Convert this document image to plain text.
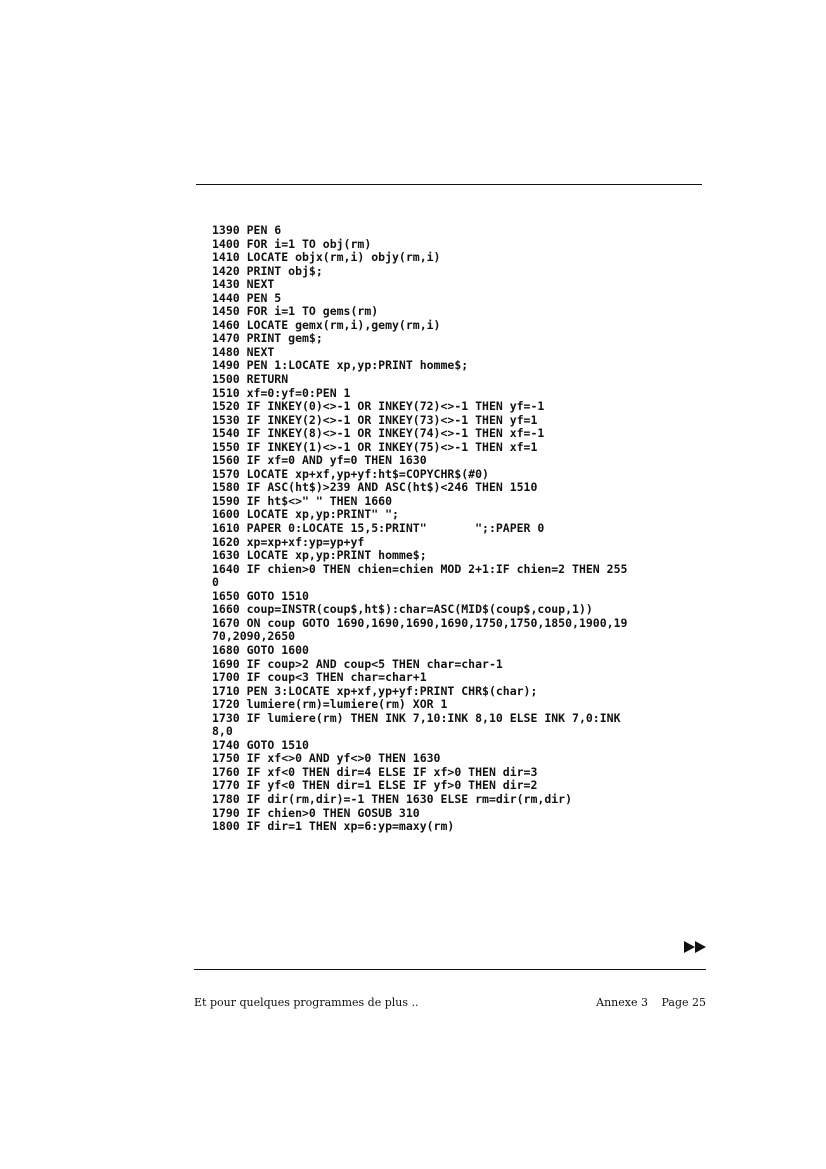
1390 PEN 6
1400 FOR i=1 TO obj(rm)
1410 LOCATE objx(rm,i) objy(rm,i)
1420 PRINT obj$;
1430 NEXT
1440 PEN 5
1450 FOR i=1 TO gems(rm)
1460 LOCATE gemx(rm,i),gemy(rm,i)
1470 PRINT gem$;
1480 NEXT
1490 PEN 1:LOCATE xp,yp:PRINT homme$;
1500 RETURN
1510 xf=0:yf=0:PEN 1
1520 IF INKEY(0)<>-1 OR INKEY(72)<>-1 THEN yf=-1
1530 IF INKEY(2)<>-1 OR INKEY(73)<>-1 THEN yf=1
1540 IF INKEY(8)<>-1 OR INKEY(74)<>-1 THEN xf=-1
1550 IF INKEY(1)<>-1 OR INKEY(75)<>-1 THEN xf=1
1560 IF xf=0 AND yf=0 THEN 1630
1570 LOCATE xp+xf,yp+yf:ht$=COPYCHR$(#0)
1580 IF ASC(ht$)>239 AND ASC(ht$)<246 THEN 1510
1590 IF ht$<>" " THEN 1660
1600 LOCATE xp,yp:PRINT" ";
1610 PAPER 0:LOCATE 15,5:PRINT"       ";:PAPER 0
1620 xp=xp+xf:yp=yp+yf
1630 LOCATE xp,yp:PRINT homme$;
1640 IF chien>0 THEN chien=chien MOD 2+1:IF chien=2 THEN 255
0
1650 GOTO 1510
1660 coup=INSTR(coup$,ht$):char=ASC(MID$(coup$,coup,1))
1670 ON coup GOTO 1690,1690,1690,1690,1750,1750,1850,1900,19
70,2090,2650
1680 GOTO 1600
1690 IF coup>2 AND coup<5 THEN char=char-1
1700 IF coup<3 THEN char=char+1
1710 PEN 3:LOCATE xp+xf,yp+yf:PRINT CHR$(char);
1720 lumiere(rm)=lumiere(rm) XOR 1
1730 IF lumiere(rm) THEN INK 7,10:INK 8,10 ELSE INK 7,0:INK
8,0
1740 GOTO 1510
1750 IF xf<>0 AND yf<>0 THEN 1630
1760 IF xf<0 THEN dir=4 ELSE IF xf>0 THEN dir=3
1770 IF yf<0 THEN dir=1 ELSE IF yf>0 THEN dir=2
1780 IF dir(rm,dir)=-1 THEN 1630 ELSE rm=dir(rm,dir)
1790 IF chien>0 THEN GOSUB 310
1800 IF dir=1 THEN xp=6:yp=maxy(rm)
Et pour quelques programmes de plus ..	Annexe 3 Page 25
